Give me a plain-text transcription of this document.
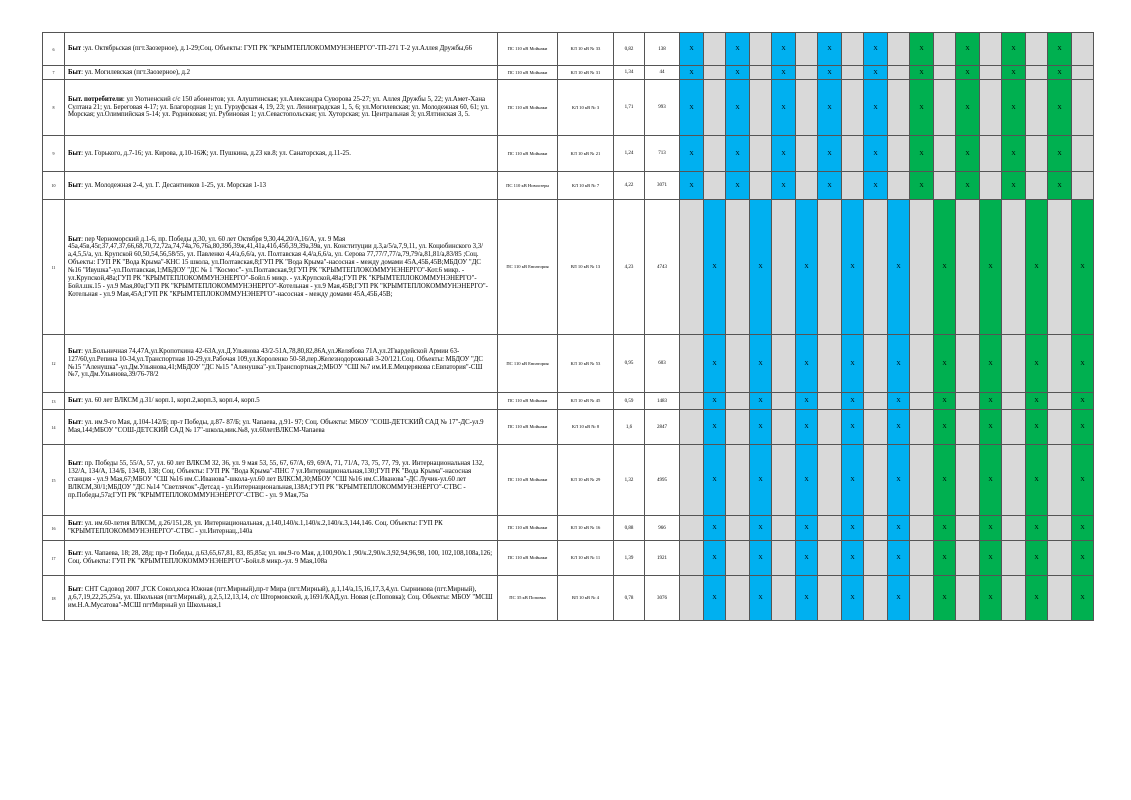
6	Быт :ул. Октябрьская (пгт.Заозерное), д.1-29;Соц. Объекты: ГУП РК "КРЫМТЕПЛОКОММУНЭНЕРГО"-ТП-271 Т-2 ул.Аллея Дружбы,66	ПС 110 кВ Мойнаки	КЛ 10 кВ № 33	0,82	138	X		X		X		X		X		X		X		X		X	
7	Быт: ул. Могилевская (пгт.Заозерное), д.2	ПС 110 кВ Мойнаки	КЛ 10 кВ № 31	1,34	44	X		X		X		X		X		X		X		X		X	
8	Быт. потребители: ул Уютненский с/с 150 абонентов; ул. Алуштинская; ул.Александра Суворова 25-27; ул. Аллея Дружбы 5, 22; ул.Амет-Хана Султана 21; ул. Береговая 4-17; ул. Благородная 1; ул. Гурзуфская 4, 19, 23; ул. Ленинградская 1, 5, 6; ул.Могилевская; ул. Молодежная 60, 61; ул. Морская; ул.Олимпийская 5-14; ул. Родниковая; ул. Рубиновая 1; ул.Севастопольская; ул. Хуторская; ул. Центральная 3; ул.Ялтинская 3, 5.	ПС 110 кВ Мойнаки	КЛ 10 кВ № 3	1,71	993	X		X		X		X		X		X		X		X		X	
9	Быт: ул. Горького, д.7-16; ул. Кирова, д.10-16Ж; ул. Пушкина, д.23 кв.8; ул. Санаторская, д.11-25.	ПС 110 кВ Мойнаки	КЛ 10 кВ № 21	1,24	713	X		X		X		X		X		X		X		X		X	
10	Быт: ул. Молодежная 2-4, ул. Г. Десантников 1-25, ул. Морская 1-13	ПС 110 кВ Новоозерн	КЛ 10 кВ № 7	4,22	3071	X		X		X		X		X		X		X		X		X	
11	Быт: пер Черноморский д.1-6, пр. Победы д.30, ул. 60 лет Октября 9,30,44,20/А,16/А, ул. 9 Мая 45а,45в,45г,37,47,37,66,68,70,72,72а,74,74а,76,76а,80,39б,39ж,41,41а,41б,45б,39,39а,39в, ул. Конституции д.3,а/5/а,7,9,11, ул. Коцюбинского 3,3/а,4,5,5/а, ул. Крупской 60,50,54,56,58/55, ул. Павленко 4,4/а,6,6/а, ул. Полтавская 4,4/а,6,6/а, ул. Серова 77,77/7,77/а,79,79/а,81,81/а,83/85 ;Соц. Объекты: ГУП РК "Вода Крыма"-КНС 15 школа, ул.Полтавская,8;ГУП РК "Вода Крыма"-насосная - между домами 45А,45Б,45В;МБДОУ "ДС №16 "Ивушка"-ул.Полтавская,1;МБДОУ "ДС № 1 "Космос"- ул.Полтавская,9;ГУП РК "КРЫМТЕПЛОКОММУНЭНЕРГО"-Кот.6 микр. - ул.Крупской,48а;ГУП РК "КРЫМТЕПЛОКОММУНЭНЕРГО"-Бойл.6 микр. - ул.Крупской,48а;ГУП РК "КРЫМТЕПЛОКОММУНЭНЕРГО"-Бойл.шк.15 - ул.9 Мая,80а;ГУП РК "КРЫМТЕПЛОКОММУНЭНЕРГО"-Котельная - ул.9 Мая,45В;ГУП РК "КРЫМТЕПЛОКОММУНЭНЕРГО"-Котельная - ул.9 Мая,45А;ГУП РК "КРЫМТЕПЛОКОММУНЭНЕРГО"-насосная - между домами 45А,45Б,45В;	ПС 110 кВ Евпатория	ВЛ 10 кВ № 13	4,23	4743		X		X		X		X		X		X		X		X		X
12	Быт: ул.Больничная 74,47А,ул.Кропоткина 42-63А,ул.Д.Ульянова 43/2-51А,78,80,82,86А,ул.Желябова 71А,ул.2Гвардейской Армии 63-127/60,ул.Репина 10-34,ул.Транспортная 10-29,ул.Рабочая 109,ул.Короленко 50-58,пер.Железнодорожный 3-20/121.Соц. Объекты: МБДОУ "ДС №15 "Аленушка"-ул.Дм.Ульянова,41;МБДОУ "ДС №15 "Аленушка"-ул.Транспортная,2;МБОУ "СШ №7 им.И.Е.Мещерякова г.Евпатория"-СШ №7, ул.Дм.Ульянова,39/76-78/2	ПС 110 кВ Евпатория	КЛ 10 кВ № 53	0,95	603		X		X		X		X		X		X		X		X		X
13	Быт: ул. 60 лет ВЛКСМ д.31/ корп.1, корп.2,корп.3, корп.4, корп.5	ПС 110 кВ Мойнаки	КЛ 10 кВ № 45	0,59	1483		X		X		X		X		X		X		X		X		X
14	Быт: ул. им.9-го Мая, д.104-142/Б; пр-т Победы, д.87- 87/Б; ул. Чапаева, д.91- 97; Соц. Объекты: МБОУ "СОШ-ДЕТСКИЙ САД № 17"-ДС-ул.9 Мая,144;МБОУ "СОШ-ДЕТСКИЙ САД № 17"-школа,мик.№8, ул.60летВЛКСМ-Чапаева	ПС 110 кВ Мойнаки	КЛ 10 кВ № 8	1,6	2847		X		X		X		X		X		X		X		X		X
15	Быт: пр. Победы 55, 55/А, 57, ул. 60 лет ВЛКСМ 32, 36, ул. 9 мая 53, 55, 67, 67/А, 69, 69/А, 71, 71/А, 73, 75, 77, 79, ул. Интернациональная 132, 132/А, 134/А, 134/Б, 134/В, 138; Соц. Объекты: ГУП РК "Вода Крыма"-ПНС 7 ул.Интернациональная,130;ГУП РК "Вода Крыма"-насосная станция - ул.9 Мая,67;МБОУ "СШ №16 им.С.Иванова"-школа-ул.60 лет ВЛКСМ,30;МБОУ "СШ №16 им.С.Иванова"-ДС Лучик-ул.60 лет ВЛКСМ,30/1;МБДОУ "ДС №14 "Светлячок"-Детсад - ул.Интернациональная,138А;ГУП РК "КРЫМТЕПЛОКОММУНЭНЕРГО"-СТВС - пр.Победы,57а;ГУП РК "КРЫМТЕПЛОКОММУНЭНЕРГО"-СТВС - ул. 9 Мая,75а	ПС 110 кВ Мойнаки	КЛ 10 кВ № 29	1,32	4995		X		X		X		X		X		X		X		X		X
16	Быт: ул. им.60-летия ВЛКСМ, д.26/151,28, ул. Интернациональная, д.140,140/к.1,140/к.2,140/к.3,144,146. Соц. Объекты: ГУП РК "КРЫМТЕПЛОКОММУНЭНЕРГО"-СТВС - ул.Интернац.,140а	ПС 110 кВ Мойнаки	КЛ 10 кВ № 16	0,88	966		X		X		X		X		X		X		X		X		X
17	Быт: ул. Чапаева, 18; 28, 28д; пр-т Победы, д.63,65,67,81, 83, 85,85а; ул. им.9-го Мая, д.100,90/к.1 ,90/к.2,90/к.3,92,94,96,98, 100, 102,108,108а,126; Соц. Объекты: ГУП РК "КРЫМТЕПЛОКОММУНЭНЕРГО"-Бойл.8 микр.-ул. 9 Мая,108а	ПС 110 кВ Мойнаки	КЛ 10 кВ № 11	1,39	1921		X		X		X		X		X		X		X		X		X
18	Быт: СНТ Садовод 2007 ,ГСК Сокол,коса Южная (пгт.Мирный),пр-т Мира (пгт.Мирный), д.1,14/а,15,16,17,3,4,ул. Сырникова (пгт.Мирный), д.6,7,19,22,25,25/а, ул. Школьная (пгт.Мирный), д.2,5,12,13,14, с/с Штормовской, д.1691/КАД,ул. Новая (с.Поповка); Соц. Объекты: МБОУ "МСШ им.Н.А.Мусатова"-МСШ пгтМирный ул Школьная,1	ПС 35 кВ Поповка	ВЛ 10 кВ № 4	0,78	3076		X		X		X		X		X		X		X		X		X
